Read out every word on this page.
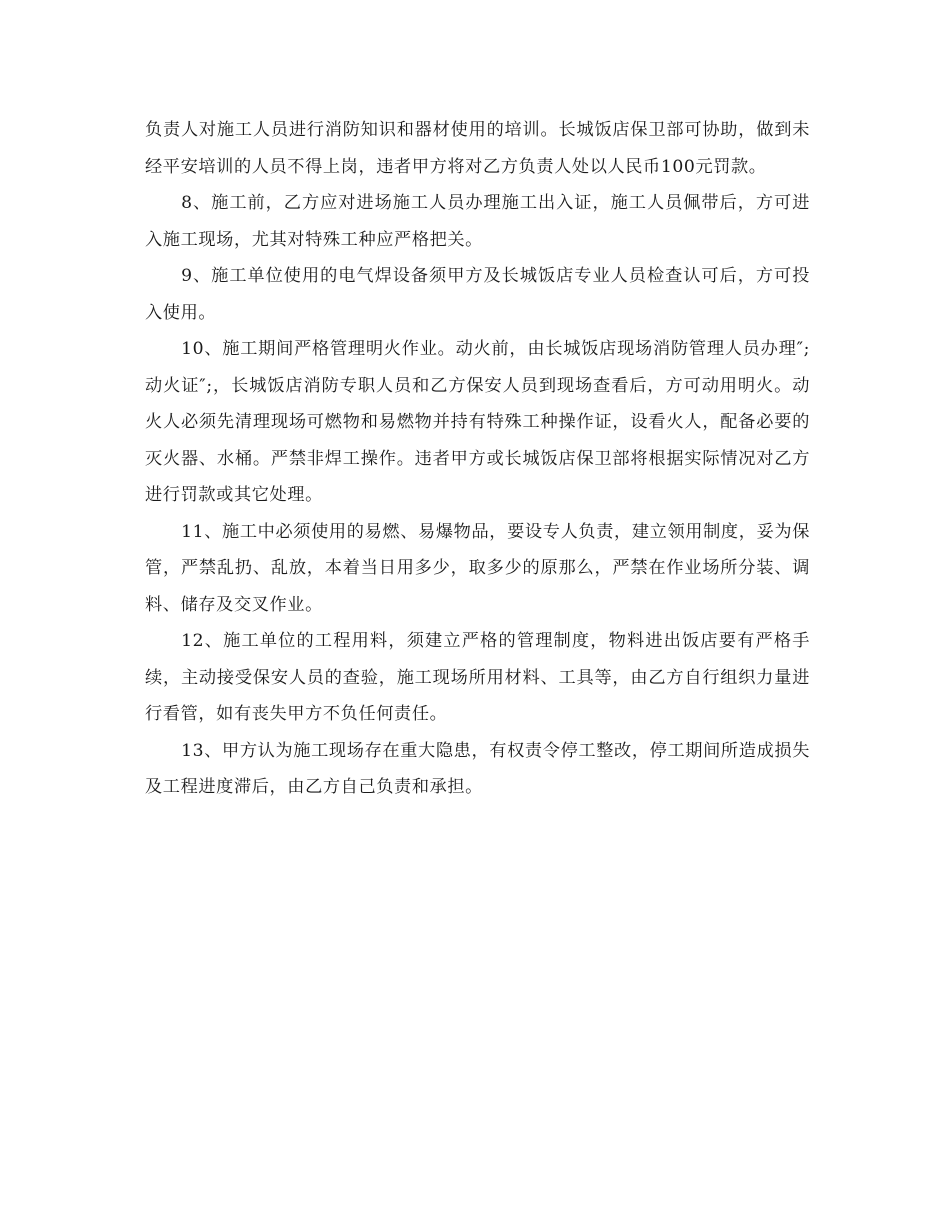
负责人对施工人员进行消防知识和器材使用的培训。长城饭店保卫部可协助，做到未经平安培训的人员不得上岗，违者甲方将对乙方负责人处以人民币100元罚款。

8、施工前，乙方应对进场施工人员办理施工出入证，施工人员佩带后，方可进入施工现场，尤其对特殊工种应严格把关。

9、施工单位使用的电气焊设备须甲方及长城饭店专业人员检查认可后，方可投入使用。

10、施工期间严格管理明火作业。动火前，由长城饭店现场消防管理人员办理″;动火证″;，长城饭店消防专职人员和乙方保安人员到现场查看后，方可动用明火。动火人必须先清理现场可燃物和易燃物并持有特殊工种操作证，设看火人，配备必要的灭火器、水桶。严禁非焊工操作。违者甲方或长城饭店保卫部将根据实际情况对乙方进行罚款或其它处理。

11、施工中必须使用的易燃、易爆物品，要设专人负责，建立领用制度，妥为保管，严禁乱扔、乱放，本着当日用多少，取多少的原那么，严禁在作业场所分装、调料、储存及交叉作业。

12、施工单位的工程用料，须建立严格的管理制度，物料进出饭店要有严格手续，主动接受保安人员的查验，施工现场所用材料、工具等，由乙方自行组织力量进行看管，如有丧失甲方不负任何责任。

13、甲方认为施工现场存在重大隐患，有权责令停工整改，停工期间所造成损失及工程进度滞后，由乙方自己负责和承担。
